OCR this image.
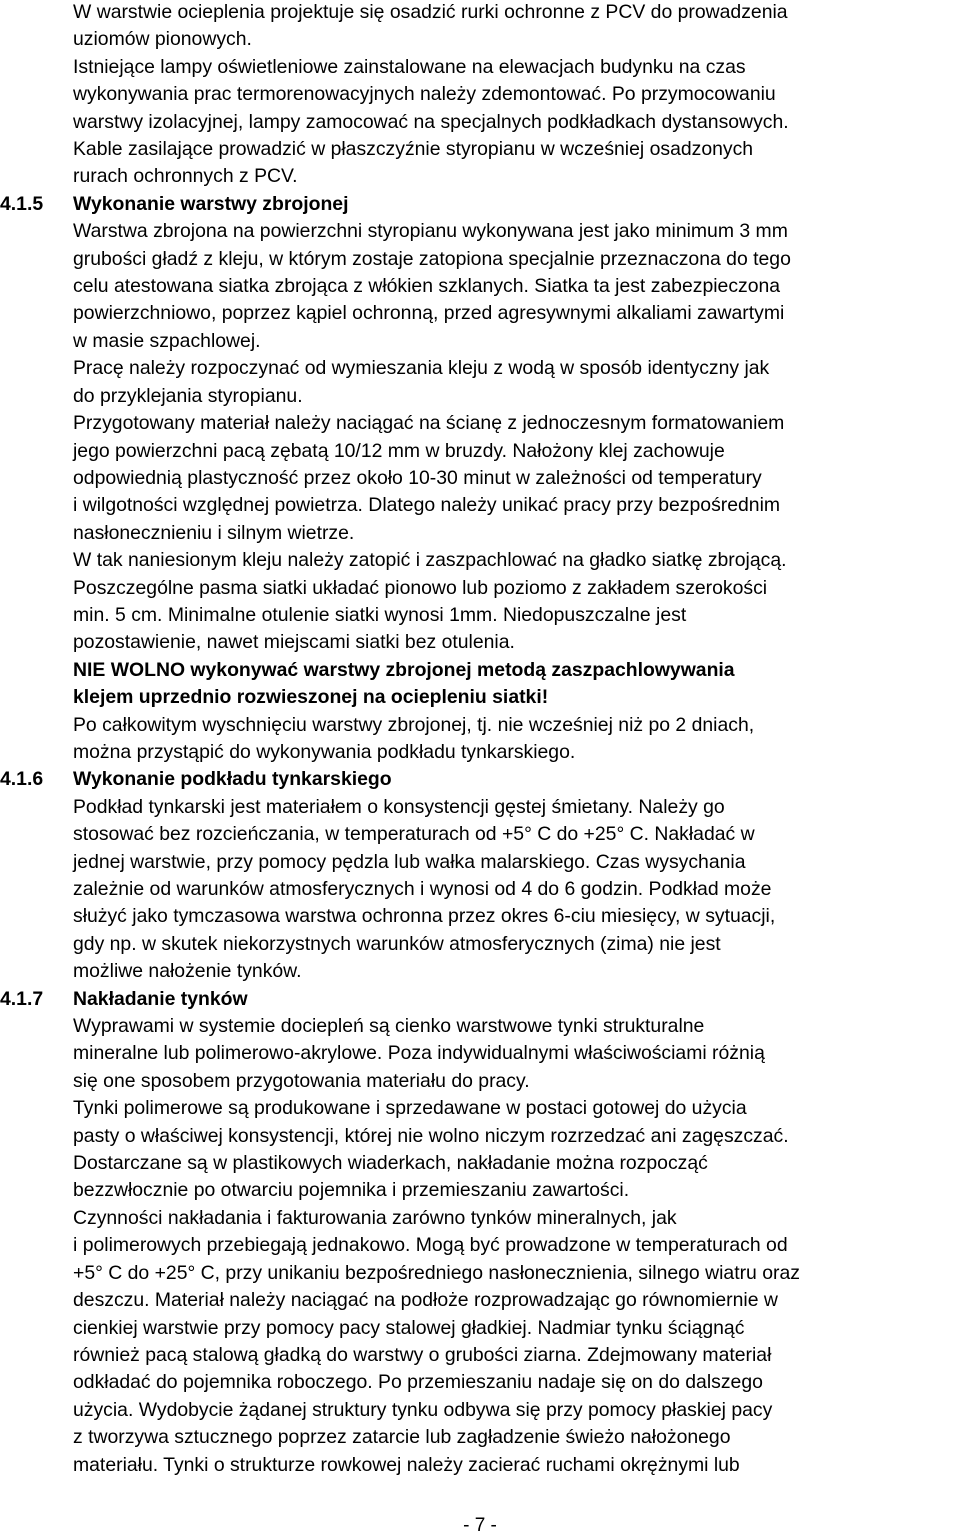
W warstwie ocieplenia projektuje się osadzić rurki ochronne z PCV do prowadzenia
uziomów pionowych.
Istniejące lampy oświetleniowe zainstalowane na elewacjach budynku na czas
wykonywania prac termorenowacyjnych należy zdemontować. Po przymocowaniu
warstwy izolacyjnej, lampy zamocować na specjalnych podkładkach dystansowych.
Kable zasilające prowadzić w płaszczyźnie styropianu w wcześniej osadzonych
rurach ochronnych z PCV.
4.1.5	Wykonanie warstwy zbrojonej
Warstwa zbrojona na powierzchni styropianu wykonywana jest jako minimum 3 mm
grubości gładź z kleju, w którym zostaje zatopiona specjalnie przeznaczona do tego
celu atestowana siatka zbrojąca z włókien szklanych. Siatka ta jest zabezpieczona
powierzchniowo, poprzez kąpiel ochronną, przed agresywnymi alkaliami zawartymi
w masie szpachlowej.
Pracę należy rozpoczynać od wymieszania kleju z wodą w sposób identyczny jak
do przyklejania styropianu.
Przygotowany materiał należy naciągać na ścianę z jednoczesnym formatowaniem
jego powierzchni pacą zębatą 10/12 mm w bruzdy. Nałożony klej zachowuje
odpowiednią plastyczność przez około 10-30 minut w zależności od temperatury
i wilgotności względnej powietrza. Dlatego należy unikać pracy przy bezpośrednim
nasłonecznieniu i silnym wietrze.
W tak naniesionym kleju należy zatopić i zaszpachlować na gładko siatkę zbrojącą.
Poszczególne pasma siatki układać pionowo lub poziomo z zakładem szerokości
min. 5 cm. Minimalne otulenie siatki wynosi 1mm. Niedopuszczalne jest
pozostawienie, nawet miejscami siatki bez otulenia.
NIE WOLNO wykonywać warstwy zbrojonej metodą zaszpachlowywania
klejem uprzednio rozwieszonej na ociepleniu siatki!
Po całkowitym wyschnięciu warstwy zbrojonej, tj. nie wcześniej niż po 2 dniach,
można przystąpić do wykonywania podkładu tynkarskiego.
4.1.6	Wykonanie podkładu tynkarskiego
Podkład tynkarski jest materiałem o konsystencji gęstej śmietany. Należy go
stosować bez rozcieńczania, w temperaturach od +5° C do +25° C. Nakładać w
jednej warstwie, przy pomocy pędzla lub wałka malarskiego. Czas wysychania
zależnie od warunków atmosferycznych i wynosi od 4 do 6 godzin. Podkład może
służyć jako tymczasowa warstwa ochronna przez okres 6-ciu miesięcy, w sytuacji,
gdy np. w skutek niekorzystnych warunków atmosferycznych (zima) nie jest
możliwe nałożenie tynków.
4.1.7	Nakładanie tynków
Wyprawami w systemie dociepleń są cienko warstwowe tynki strukturalne
mineralne lub polimerowo-akrylowe. Poza indywidualnymi właściwościami różnią
się one sposobem przygotowania materiału do pracy.
Tynki polimerowe są produkowane i sprzedawane w postaci gotowej do użycia
pasty o właściwej konsystencji, której nie wolno niczym rozrzedzać ani zagęszczać.
Dostarczane są w plastikowych wiaderkach, nakładanie można rozpocząć
bezzwłocznie po otwarciu pojemnika i przemieszaniu zawartości.
Czynności nakładania i fakturowania zarówno tynków mineralnych, jak
i polimerowych przebiegają jednakowo. Mogą być prowadzone w temperaturach od
+5° C do +25° C, przy unikaniu bezpośredniego nasłonecznienia, silnego wiatru oraz
deszczu. Materiał należy naciągać na podłoże rozprowadzając go równomiernie w
cienkiej warstwie przy pomocy pacy stalowej gładkiej. Nadmiar tynku ściągnąć
również pacą stalową gładką do warstwy o grubości ziarna. Zdejmowany materiał
odkładać do pojemnika roboczego. Po przemieszaniu nadaje się on do dalszego
użycia. Wydobycie żądanej struktury tynku odbywa się przy pomocy płaskiej pacy
z tworzywa sztucznego poprzez zatarcie lub zagładzenie świeżo nałożonego
materiału. Tynki o strukturze rowkowej należy zacierać ruchami okrężnymi lub
- 7 -
